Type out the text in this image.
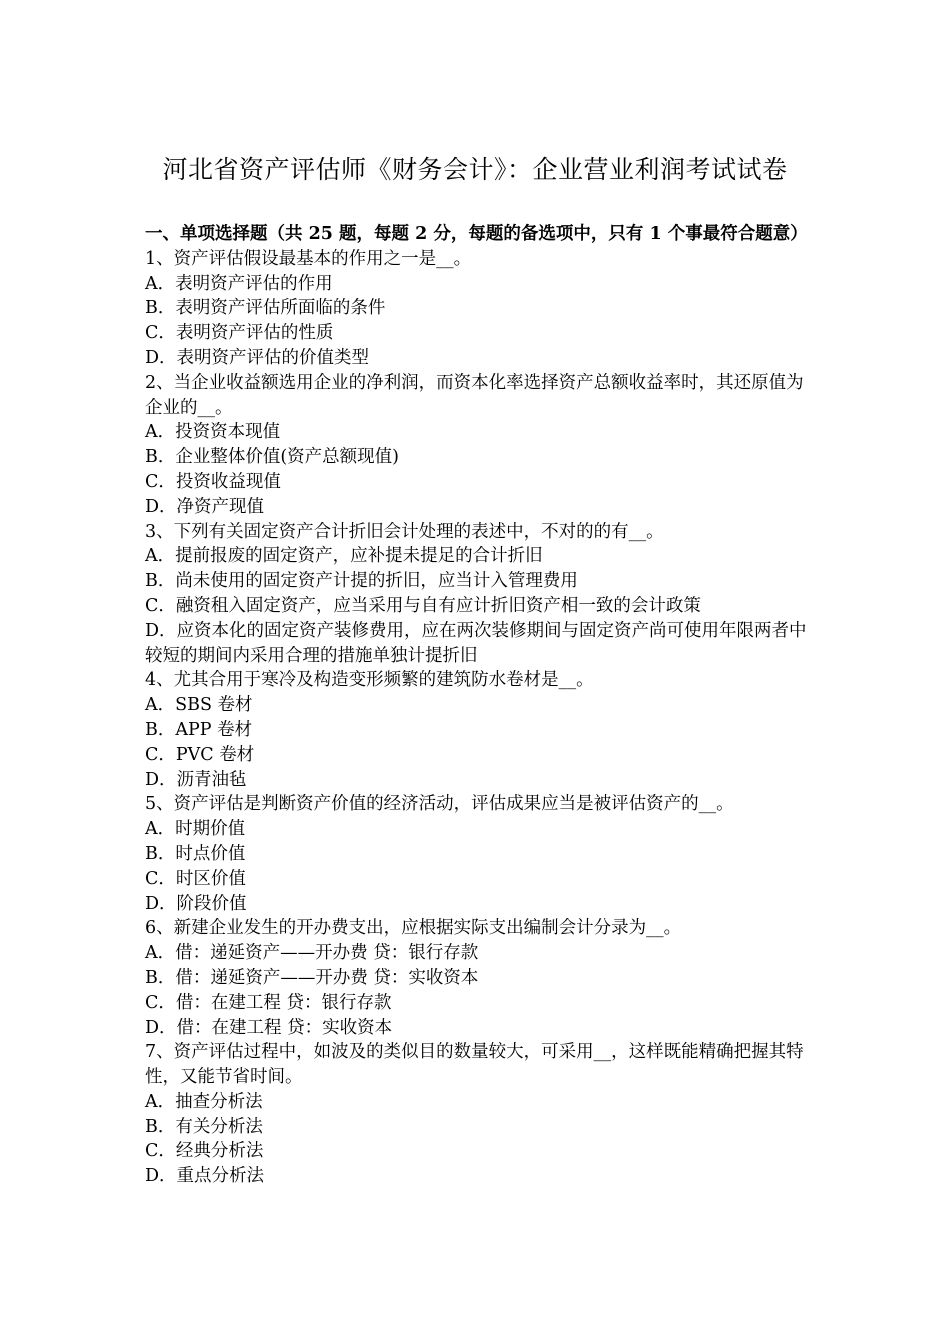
河北省资产评估师《财务会计》：企业营业利润考试试卷

一、单项选择题（共 25 题，每题 2 分，每题的备选项中，只有 1 个事最符合题意）

1、资产评估假设最基本的作用之一是__。

A．表明资产评估的作用

B．表明资产评估所面临的条件

C．表明资产评估的性质

D．表明资产评估的价值类型

2、当企业收益额选用企业的净利润，而资本化率选择资产总额收益率时，其还原值为企业的__。

A．投资资本现值

B．企业整体价值(资产总额现值)

C．投资收益现值

D．净资产现值

3、下列有关固定资产合计折旧会计处理的表述中，不对的的有__。

A．提前报废的固定资产，应补提未提足的合计折旧

B．尚未使用的固定资产计提的折旧，应当计入管理费用

C．融资租入固定资产，应当采用与自有应计折旧资产相一致的会计政策

D．应资本化的固定资产装修费用，应在两次装修期间与固定资产尚可使用年限两者中较短的期间内采用合理的措施单独计提折旧

4、尤其合用于寒冷及构造变形频繁的建筑防水卷材是__。

A．SBS 卷材

B．APP 卷材

C．PVC 卷材

D．沥青油毡

5、资产评估是判断资产价值的经济活动，评估成果应当是被评估资产的__。

A．时期价值

B．时点价值

C．时区价值

D．阶段价值

6、新建企业发生的开办费支出，应根据实际支出编制会计分录为__。

A．借：递延资产——开办费 贷：银行存款

B．借：递延资产——开办费 贷：实收资本

C．借：在建工程 贷：银行存款

D．借：在建工程 贷：实收资本

7、资产评估过程中，如波及的类似目的数量较大，可采用__，这样既能精确把握其特性，又能节省时间。

A．抽查分析法

B．有关分析法

C．经典分析法

D．重点分析法
